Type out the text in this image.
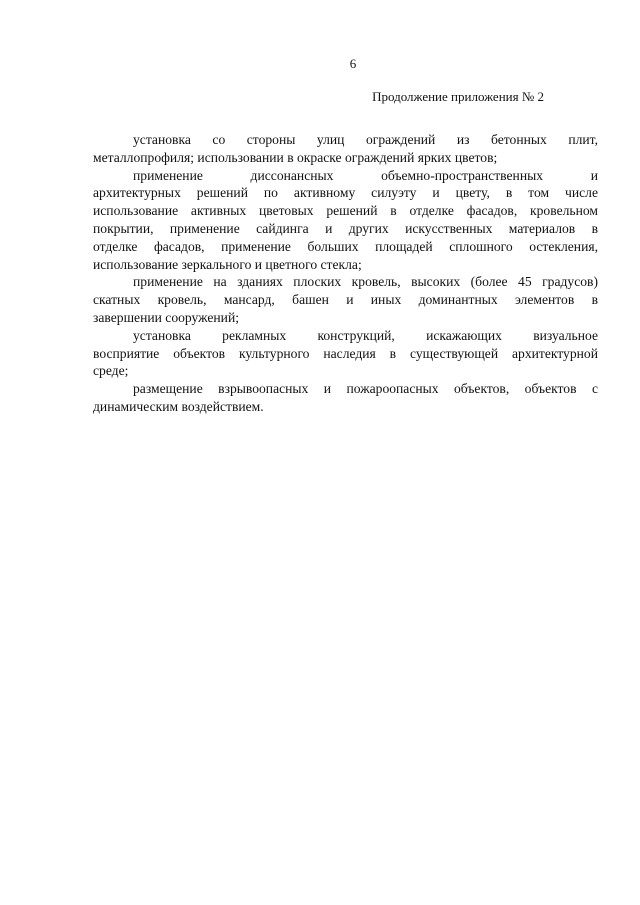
6
Продолжение приложения № 2

установка со стороны улиц ограждений из бетонных плит,
металлопрофиля; использовании в окраске ограждений ярких цветов;

применение диссонансных объемно-пространственных и
архитектурных решений по активному силуэту и цвету, в том числе
использование активных цветовых решений в отделке фасадов, кровельном
покрытии, применение сайдинга и других искусственных материалов в
отделке фасадов, применение больших площадей сплошного остекления,
использование зеркального и цветного стекла;

применение на зданиях плоских кровель, высоких (более 45 градусов)
скатных кровель, мансард, башен и иных доминантных элементов в
завершении сооружений;

установка рекламных конструкций, искажающих визуальное
восприятие объектов культурного наследия в существующей архитектурной
среде;

размещение взрывоопасных и пожароопасных объектов, объектов с
динамическим воздействием.
